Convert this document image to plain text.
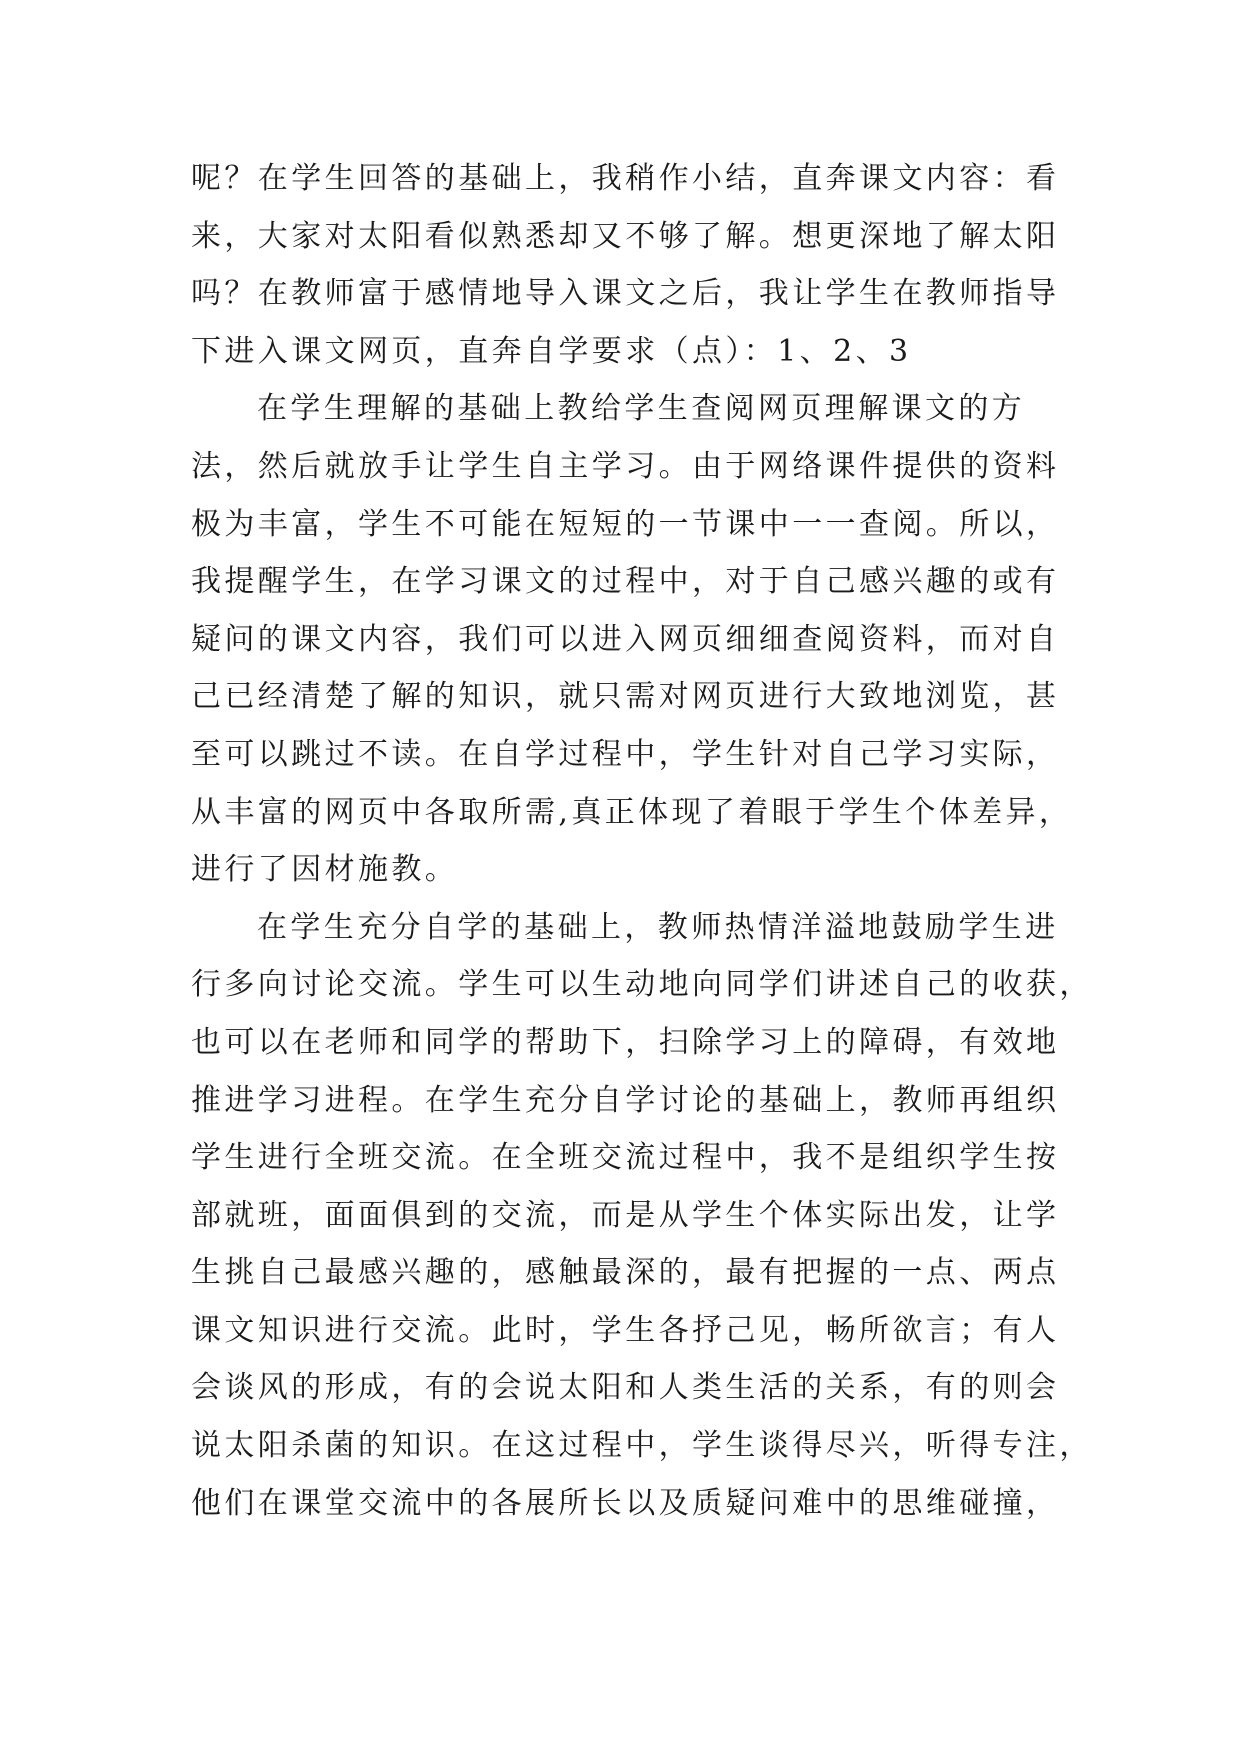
呢？在学生回答的基础上，我稍作小结，直奔课文内容：看
来，大家对太阳看似熟悉却又不够了解。想更深地了解太阳
吗？在教师富于感情地导入课文之后，我让学生在教师指导
下进入课文网页，直奔自学要求（点）：1、2、3
在学生理解的基础上教给学生查阅网页理解课文的方
法，然后就放手让学生自主学习。由于网络课件提供的资料
极为丰富，学生不可能在短短的一节课中一一查阅。所以，
我提醒学生，在学习课文的过程中，对于自己感兴趣的或有
疑问的课文内容，我们可以进入网页细细查阅资料，而对自
己已经清楚了解的知识，就只需对网页进行大致地浏览，甚
至可以跳过不读。在自学过程中，学生针对自己学习实际，
从丰富的网页中各取所需,真正体现了着眼于学生个体差异，
进行了因材施教。
在学生充分自学的基础上，教师热情洋溢地鼓励学生进
行多向讨论交流。学生可以生动地向同学们讲述自己的收获，
也可以在老师和同学的帮助下，扫除学习上的障碍，有效地
推进学习进程。在学生充分自学讨论的基础上，教师再组织
学生进行全班交流。在全班交流过程中，我不是组织学生按
部就班，面面俱到的交流，而是从学生个体实际出发，让学
生挑自己最感兴趣的，感触最深的，最有把握的一点、两点
课文知识进行交流。此时，学生各抒己见，畅所欲言；有人
会谈风的形成，有的会说太阳和人类生活的关系，有的则会
说太阳杀菌的知识。在这过程中，学生谈得尽兴，听得专注，
他们在课堂交流中的各展所长以及质疑问难中的思维碰撞，
